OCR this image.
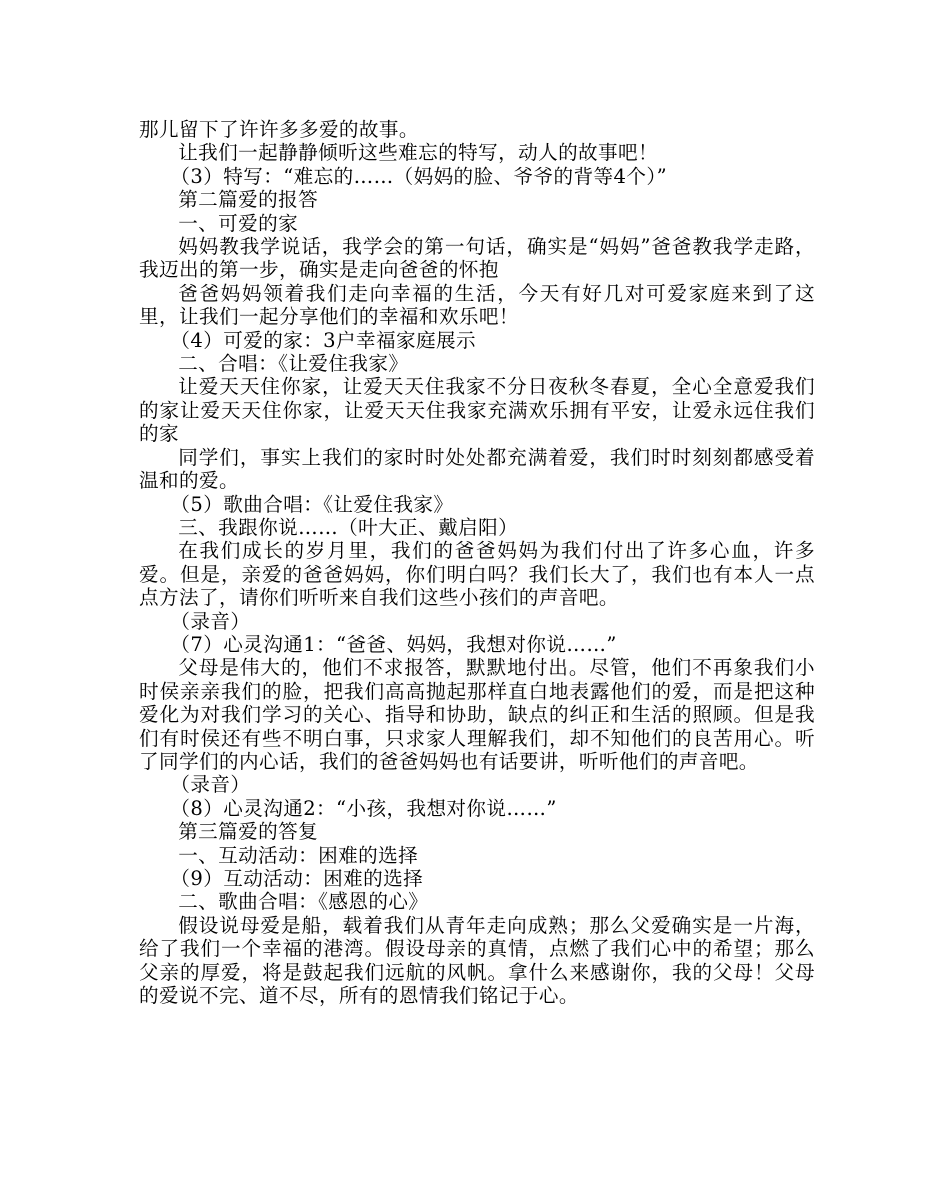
那儿留下了许许多多爱的故事。

让我们一起静静倾听这些难忘的特写，动人的故事吧！

（3）特写：“难忘的……（妈妈的脸、爷爷的背等4个）”

第二篇爱的报答

一、可爱的家

妈妈教我学说话，我学会的第一句话，确实是“妈妈”爸爸教我学走路，我迈出的第一步，确实是走向爸爸的怀抱

爸爸妈妈领着我们走向幸福的生活，今天有好几对可爱家庭来到了这里，让我们一起分享他们的幸福和欢乐吧！

（4）可爱的家：3户幸福家庭展示

二、合唱：《让爱住我家》

让爱天天住你家，让爱天天住我家不分日夜秋冬春夏，全心全意爱我们的家让爱天天住你家，让爱天天住我家充满欢乐拥有平安，让爱永远住我们的家

同学们，事实上我们的家时时处处都充满着爱，我们时时刻刻都感受着温和的爱。

（5）歌曲合唱：《让爱住我家》

三、我跟你说……（叶大正、戴启阳）

在我们成长的岁月里，我们的爸爸妈妈为我们付出了许多心血，许多爱。但是，亲爱的爸爸妈妈，你们明白吗？我们长大了，我们也有本人一点点方法了，请你们听听来自我们这些小孩们的声音吧。

（录音）

（7）心灵沟通1：“爸爸、妈妈，我想对你说……”

父母是伟大的，他们不求报答，默默地付出。尽管，他们不再象我们小时侯亲亲我们的脸，把我们高高抛起那样直白地表露他们的爱，而是把这种爱化为对我们学习的关心、指导和协助，缺点的纠正和生活的照顾。但是我们有时侯还有些不明白事，只求家人理解我们，却不知他们的良苦用心。听了同学们的内心话，我们的爸爸妈妈也有话要讲，听听他们的声音吧。

（录音）

（8）心灵沟通2：“小孩，我想对你说……”

第三篇爱的答复

一、互动活动：困难的选择

（9）互动活动：困难的选择

二、歌曲合唱：《感恩的心》

假设说母爱是船，载着我们从青年走向成熟；那么父爱确实是一片海，给了我们一个幸福的港湾。假设母亲的真情，点燃了我们心中的希望；那么父亲的厚爱，将是鼓起我们远航的风帆。拿什么来感谢你，我的父母！父母的爱说不完、道不尽，所有的恩情我们铭记于心。
